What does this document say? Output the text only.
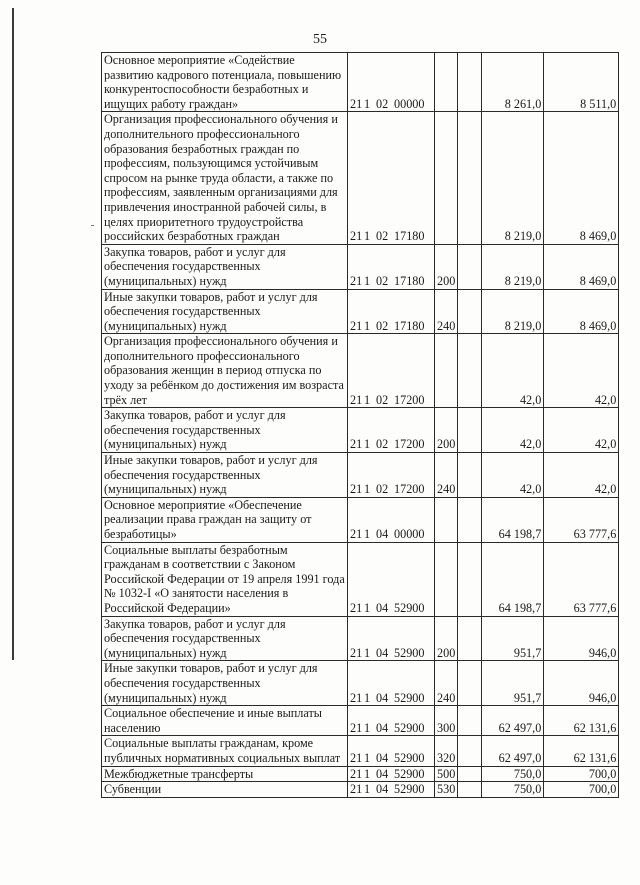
55
Основное мероприятие «Содействие развитию кадрового потенциала, повышению конкурентоспособности безработных и ищущих работу граждан»	21 1 02 00000			8 261,0	8 511,0

Организация профессионального обучения и дополнительного профессионального образования безработных граждан по профессиям, пользующимся устойчивым спросом на рынке труда области, а также по профессиям, заявленным организациями для привлечения иностранной рабочей силы, в целях приоритетного трудоустройства российских безработных граждан	21 1 02 17180			8 219,0	8 469,0

Закупка товаров, работ и услуг для обеспечения государственных (муниципальных) нужд	21 1 02 17180	200		8 219,0	8 469,0

Иные закупки товаров, работ и услуг для обеспечения государственных (муниципальных) нужд	21 1 02 17180	240		8 219,0	8 469,0

Организация профессионального обучения и дополнительного профессионального образования женщин в период отпуска по уходу за ребёнком до достижения им возраста трёх лет	21 1 02 17200			42,0	42,0

Закупка товаров, работ и услуг для обеспечения государственных (муниципальных) нужд	21 1 02 17200	200		42,0	42,0

Иные закупки товаров, работ и услуг для обеспечения государственных (муниципальных) нужд	21 1 02 17200	240		42,0	42,0

Основное мероприятие «Обеспечение реализации права граждан на защиту от безработицы»	21 1 04 00000			64 198,7	63 777,6

Социальные выплаты безработным гражданам в соответствии с Законом Российской Федерации от 19 апреля 1991 года № 1032-I «О занятости населения в Российской Федерации»	21 1 04 52900			64 198,7	63 777,6

Закупка товаров, работ и услуг для обеспечения государственных (муниципальных) нужд	21 1 04 52900	200		951,7	946,0

Иные закупки товаров, работ и услуг для обеспечения государственных (муниципальных) нужд	21 1 04 52900	240		951,7	946,0

Социальное обеспечение и иные выплаты населению	21 1 04 52900	300		62 497,0	62 131,6

Социальные выплаты гражданам, кроме публичных нормативных социальных выплат	21 1 04 52900	320		62 497,0	62 131,6

Межбюджетные трансферты	21 1 04 52900	500		750,0	700,0

Субвенции	21 1 04 52900	530		750,0	700,0
